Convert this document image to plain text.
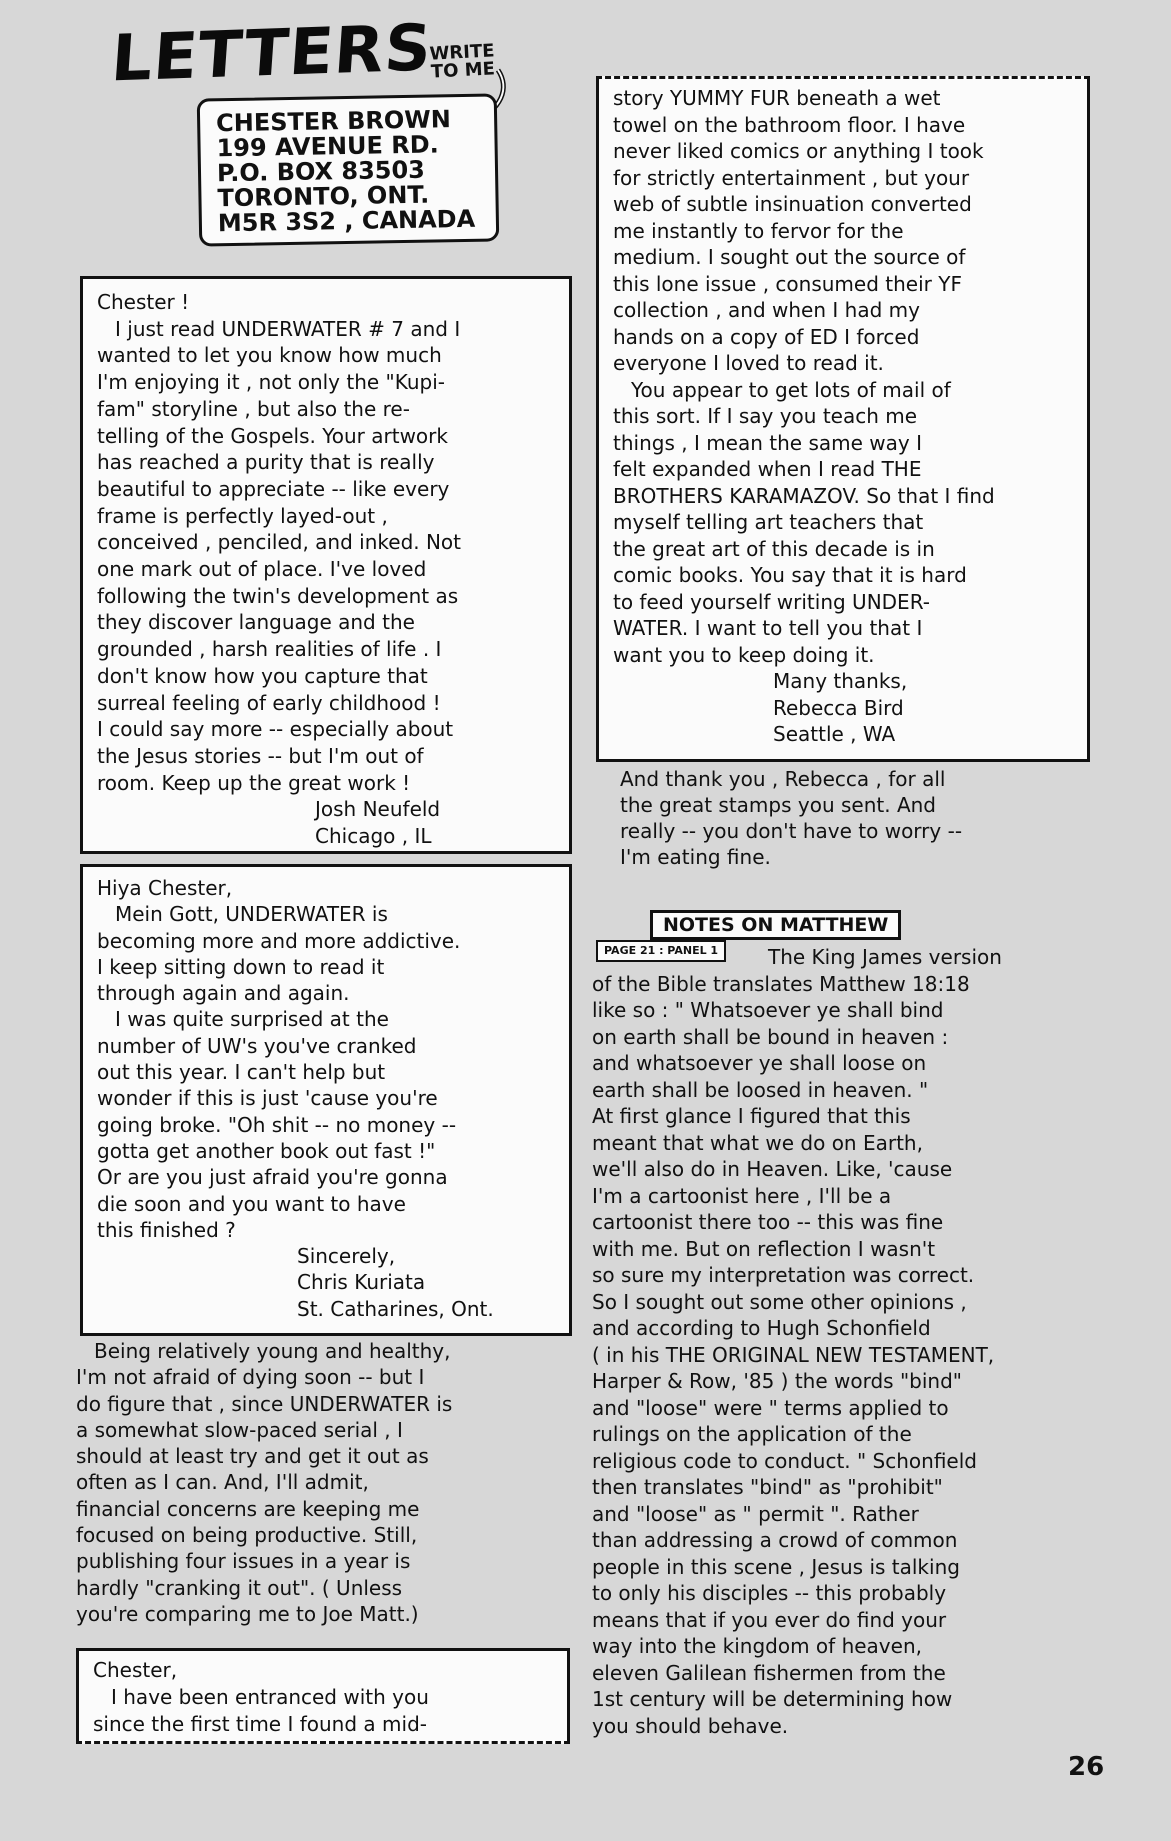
LETTERS
WRITE
TO ME
CHESTER BROWN
199 AVENUE RD.
P.O. BOX 83503
TORONTO, ONT.
M5R 3S2 , CANADA
Chester !
I just read UNDERWATER # 7 and I
wanted to let you know how much
I'm enjoying it , not only the "Kupi-
fam" storyline , but also the re-
telling of the Gospels. Your artwork
has reached a purity that is really
beautiful to appreciate -- like every
frame is perfectly layed-out ,
conceived , penciled, and inked. Not
one mark out of place. I've loved
following the twin's development as
they discover language and the
grounded , harsh realities of life . I
don't know how you capture that
surreal feeling of early childhood !
I could say more -- especially about
the Jesus stories -- but I'm out of
room. Keep up the great work !
Josh Neufeld
Chicago , IL
Hiya Chester,
Mein Gott, UNDERWATER is
becoming more and more addictive.
I keep sitting down to read it
through again and again.
I was quite surprised at the
number of UW's you've cranked
out this year. I can't help but
wonder if this is just 'cause you're
going broke. "Oh shit -- no money --
gotta get another book out fast !"
Or are you just afraid you're gonna
die soon and you want to have
this finished ?
Sincerely,
Chris Kuriata
St. Catharines, Ont.
Being relatively young and healthy,
I'm not afraid of dying soon -- but I
do figure that , since UNDERWATER is
a somewhat slow-paced serial , I
should at least try and get it out as
often as I can. And, I'll admit,
financial concerns are keeping me
focused on being productive. Still,
publishing four issues in a year is
hardly "cranking it out". ( Unless
you're comparing me to Joe Matt.)
Chester,
I have been entranced with you
since the first time I found a mid-
story YUMMY FUR beneath a wet
towel on the bathroom floor. I have
never liked comics or anything I took
for strictly entertainment , but your
web of subtle insinuation converted
me instantly to fervor for the
medium. I sought out the source of
this lone issue , consumed their YF
collection , and when I had my
hands on a copy of ED I forced
everyone I loved to read it.
You appear to get lots of mail of
this sort. If I say you teach me
things , I mean the same way I
felt expanded when I read THE
BROTHERS KARAMAZOV. So that I find
myself telling art teachers that
the great art of this decade is in
comic books. You say that it is hard
to feed yourself writing UNDER-
WATER. I want to tell you that I
want you to keep doing it.
Many thanks,
Rebecca Bird
Seattle , WA
And thank you , Rebecca , for all
the great stamps you sent. And
really -- you don't have to worry --
I'm eating fine.
NOTES ON MATTHEW
PAGE 21 : PANEL 1	The King James version
of the Bible translates Matthew 18:18
like so : " Whatsoever ye shall bind
on earth shall be bound in heaven :
and whatsoever ye shall loose on
earth shall be loosed in heaven. "
At first glance I figured that this
meant that what we do on Earth,
we'll also do in Heaven. Like, 'cause
I'm a cartoonist here , I'll be a
cartoonist there too -- this was fine
with me. But on reflection I wasn't
so sure my interpretation was correct.
So I sought out some other opinions ,
and according to Hugh Schonfield
( in his THE ORIGINAL NEW TESTAMENT,
Harper & Row, '85 ) the words "bind"
and "loose" were " terms applied to
rulings on the application of the
religious code to conduct. " Schonfield
then translates "bind" as "prohibit"
and "loose" as " permit ". Rather
than addressing a crowd of common
people in this scene , Jesus is talking
to only his disciples -- this probably
means that if you ever do find your
way into the kingdom of heaven,
eleven Galilean fishermen from the
1st century will be determining how
you should behave.
26
